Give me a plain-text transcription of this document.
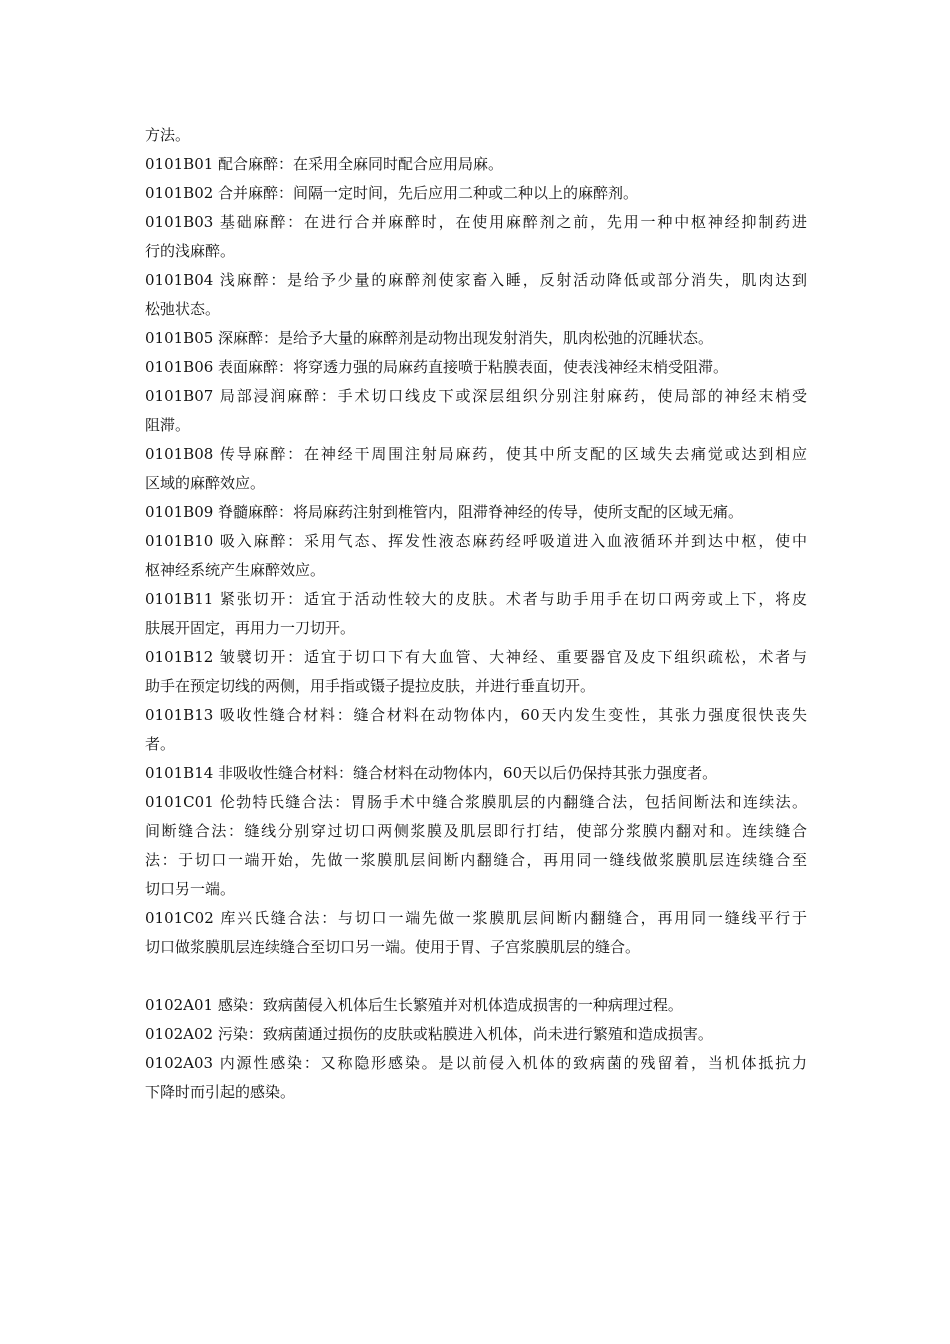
方法。

0101B01 配合麻醉：在采用全麻同时配合应用局麻。

0101B02 合并麻醉：间隔一定时间，先后应用二种或二种以上的麻醉剂。

0101B03 基础麻醉：在进行合并麻醉时，在使用麻醉剂之前，先用一种中枢神经抑制药进

行的浅麻醉。

0101B04 浅麻醉：是给予少量的麻醉剂使家畜入睡，反射活动降低或部分消失，肌肉达到

松弛状态。

0101B05 深麻醉：是给予大量的麻醉剂是动物出现发射消失，肌肉松弛的沉睡状态。

0101B06 表面麻醉：将穿透力强的局麻药直接喷于粘膜表面，使表浅神经末梢受阻滞。

0101B07 局部浸润麻醉：手术切口线皮下或深层组织分别注射麻药，使局部的神经末梢受

阻滞。

0101B08 传导麻醉：在神经干周围注射局麻药，使其中所支配的区域失去痛觉或达到相应

区域的麻醉效应。

0101B09 脊髓麻醉：将局麻药注射到椎管内，阻滞脊神经的传导，使所支配的区域无痛。

0101B10 吸入麻醉：采用气态、挥发性液态麻药经呼吸道进入血液循环并到达中枢，使中

枢神经系统产生麻醉效应。

0101B11 紧张切开：适宜于活动性较大的皮肤。术者与助手用手在切口两旁或上下，将皮

肤展开固定，再用力一刀切开。

0101B12 皱襞切开：适宜于切口下有大血管、大神经、重要器官及皮下组织疏松，术者与

助手在预定切线的两侧，用手指或镊子提拉皮肤，并进行垂直切开。

0101B13 吸收性缝合材料：缝合材料在动物体内，60天内发生变性，其张力强度很快丧失

者。

0101B14 非吸收性缝合材料：缝合材料在动物体内，60天以后仍保持其张力强度者。

0101C01 伦勃特氏缝合法：胃肠手术中缝合浆膜肌层的内翻缝合法，包括间断法和连续法。

间断缝合法：缝线分别穿过切口两侧浆膜及肌层即行打结，使部分浆膜内翻对和。连续缝合

法：于切口一端开始，先做一浆膜肌层间断内翻缝合，再用同一缝线做浆膜肌层连续缝合至

切口另一端。

0101C02 库兴氏缝合法：与切口一端先做一浆膜肌层间断内翻缝合，再用同一缝线平行于

切口做浆膜肌层连续缝合至切口另一端。使用于胃、子宫浆膜肌层的缝合。

0102A01 感染：致病菌侵入机体后生长繁殖并对机体造成损害的一种病理过程。

0102A02 污染：致病菌通过损伤的皮肤或粘膜进入机体，尚未进行繁殖和造成损害。

0102A03 内源性感染：又称隐形感染。是以前侵入机体的致病菌的残留着，当机体抵抗力

下降时而引起的感染。
